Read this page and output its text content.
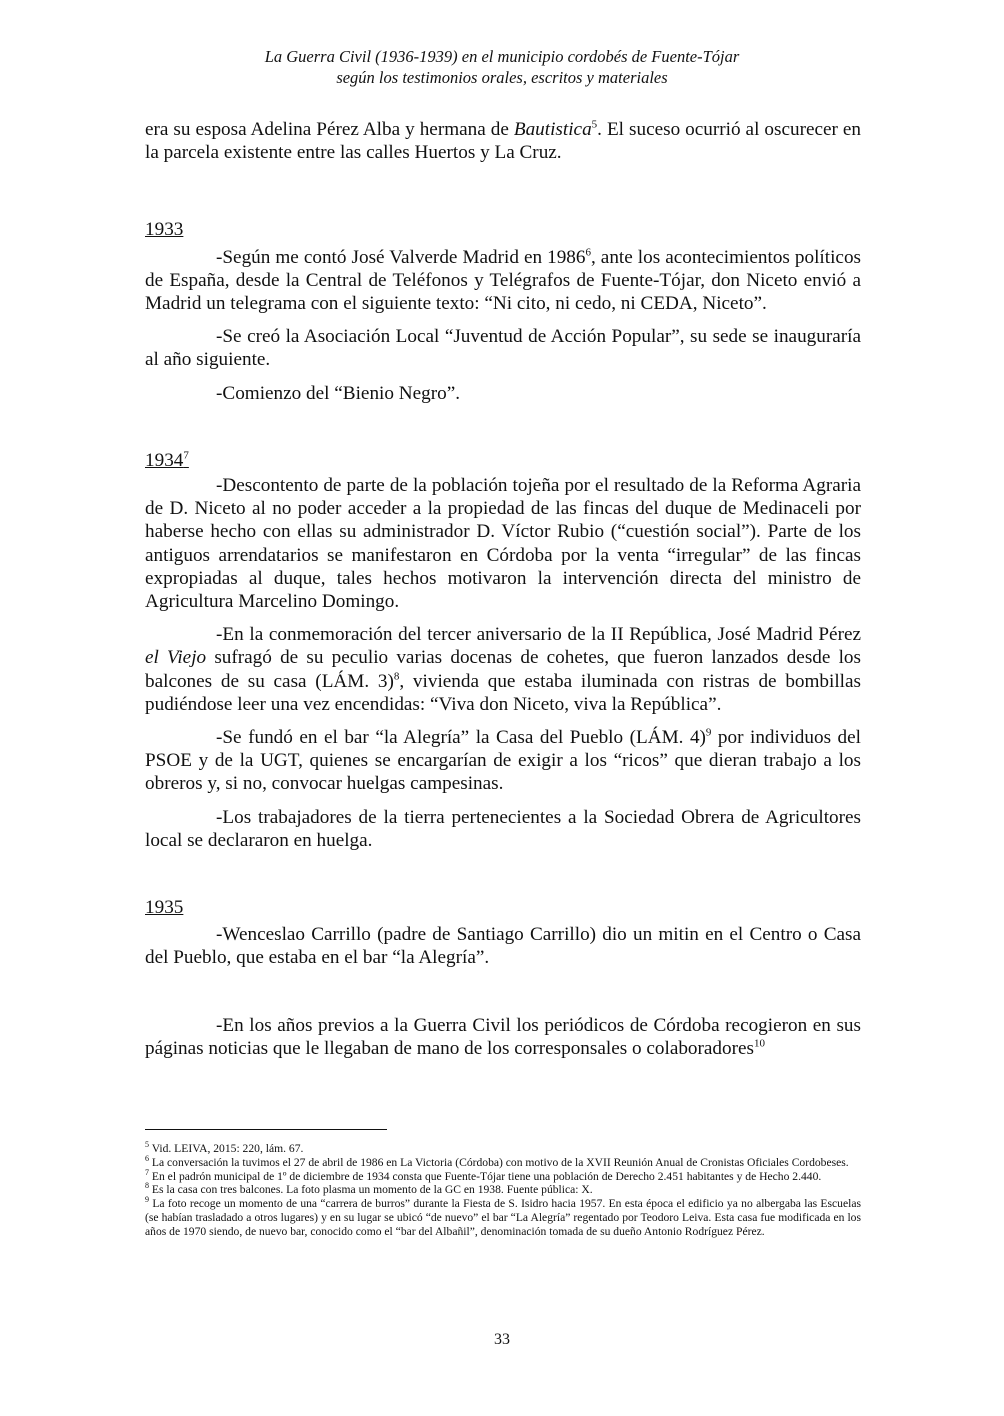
La Guerra Civil (1936-1939) en el municipio cordobés de Fuente-Tójar
según los testimonios orales, escritos y materiales

era su esposa Adelina Pérez Alba y hermana de Bautistica$^5$. El suceso ocurrió al oscurecer en la parcela existente entre las calles Huertos y La Cruz.

1933

-Según me contó José Valverde Madrid en 1986$^6$, ante los acontecimientos políticos de España, desde la Central de Teléfonos y Telégrafos de Fuente-Tójar, don Niceto envió a Madrid un telegrama con el siguiente texto: “Ni cito, ni cedo, ni CEDA, Niceto”.

-Se creó la Asociación Local “Juventud de Acción Popular”, su sede se inauguraría al año siguiente.

-Comienzo del “Bienio Negro”.

1934$^7$

-Descontento de parte de la población tojeña por el resultado de la Reforma Agraria de D. Niceto al no poder acceder a la propiedad de las fincas del duque de Medinaceli por haberse hecho con ellas su administrador D. Víctor Rubio (“cuestión social”). Parte de los antiguos arrendatarios se manifestaron en Córdoba por la venta “irregular” de las fincas expropiadas al duque, tales hechos motivaron la intervención directa del ministro de Agricultura Marcelino Domingo.

-En la conmemoración del tercer aniversario de la II República, José Madrid Pérez el Viejo sufragó de su peculio varias docenas de cohetes, que fueron lanzados desde los balcones de su casa (LÁM. 3)$^8$, vivienda que estaba iluminada con ristras de bombillas pudiéndose leer una vez encendidas: “Viva don Niceto, viva la República”.

-Se fundó en el bar “la Alegría” la Casa del Pueblo (LÁM. 4)$^9$ por individuos del PSOE y de la UGT, quienes se encargarían de exigir a los “ricos” que dieran trabajo a los obreros y, si no, convocar huelgas campesinas.

-Los trabajadores de la tierra pertenecientes a la Sociedad Obrera de Agricultores local se declararon en huelga.

1935

-Wenceslao Carrillo (padre de Santiago Carrillo) dio un mitin en el Centro o Casa del Pueblo, que estaba en el bar “la Alegría”.

-En los años previos a la Guerra Civil los periódicos de Córdoba recogieron en sus páginas noticias que le llegaban de mano de los corresponsales o colaboradores$^{10}$

$^5$ Vid. LEIVA, 2015: 220, lám. 67.

$^6$ La conversación la tuvimos el 27 de abril de 1986 en La Victoria (Córdoba) con motivo de la XVII Reunión Anual de Cronistas Oficiales Cordobeses.

$^7$ En el padrón municipal de 1º de diciembre de 1934 consta que Fuente-Tójar tiene una población de Derecho 2.451 habitantes y de Hecho 2.440.

$^8$ Es la casa con tres balcones. La foto plasma un momento de la GC en 1938. Fuente pública: X.

$^9$ La foto recoge un momento de una “carrera de burros” durante la Fiesta de S. Isidro hacia 1957. En esta época el edificio ya no albergaba las Escuelas (se habían trasladado a otros lugares) y en su lugar se ubicó “de nuevo” el bar “La Alegría” regentado por Teodoro Leiva. Esta casa fue modificada en los años de 1970 siendo, de nuevo bar, conocido como el “bar del Albañil”, denominación tomada de su dueño Antonio Rodríguez Pérez.

33
